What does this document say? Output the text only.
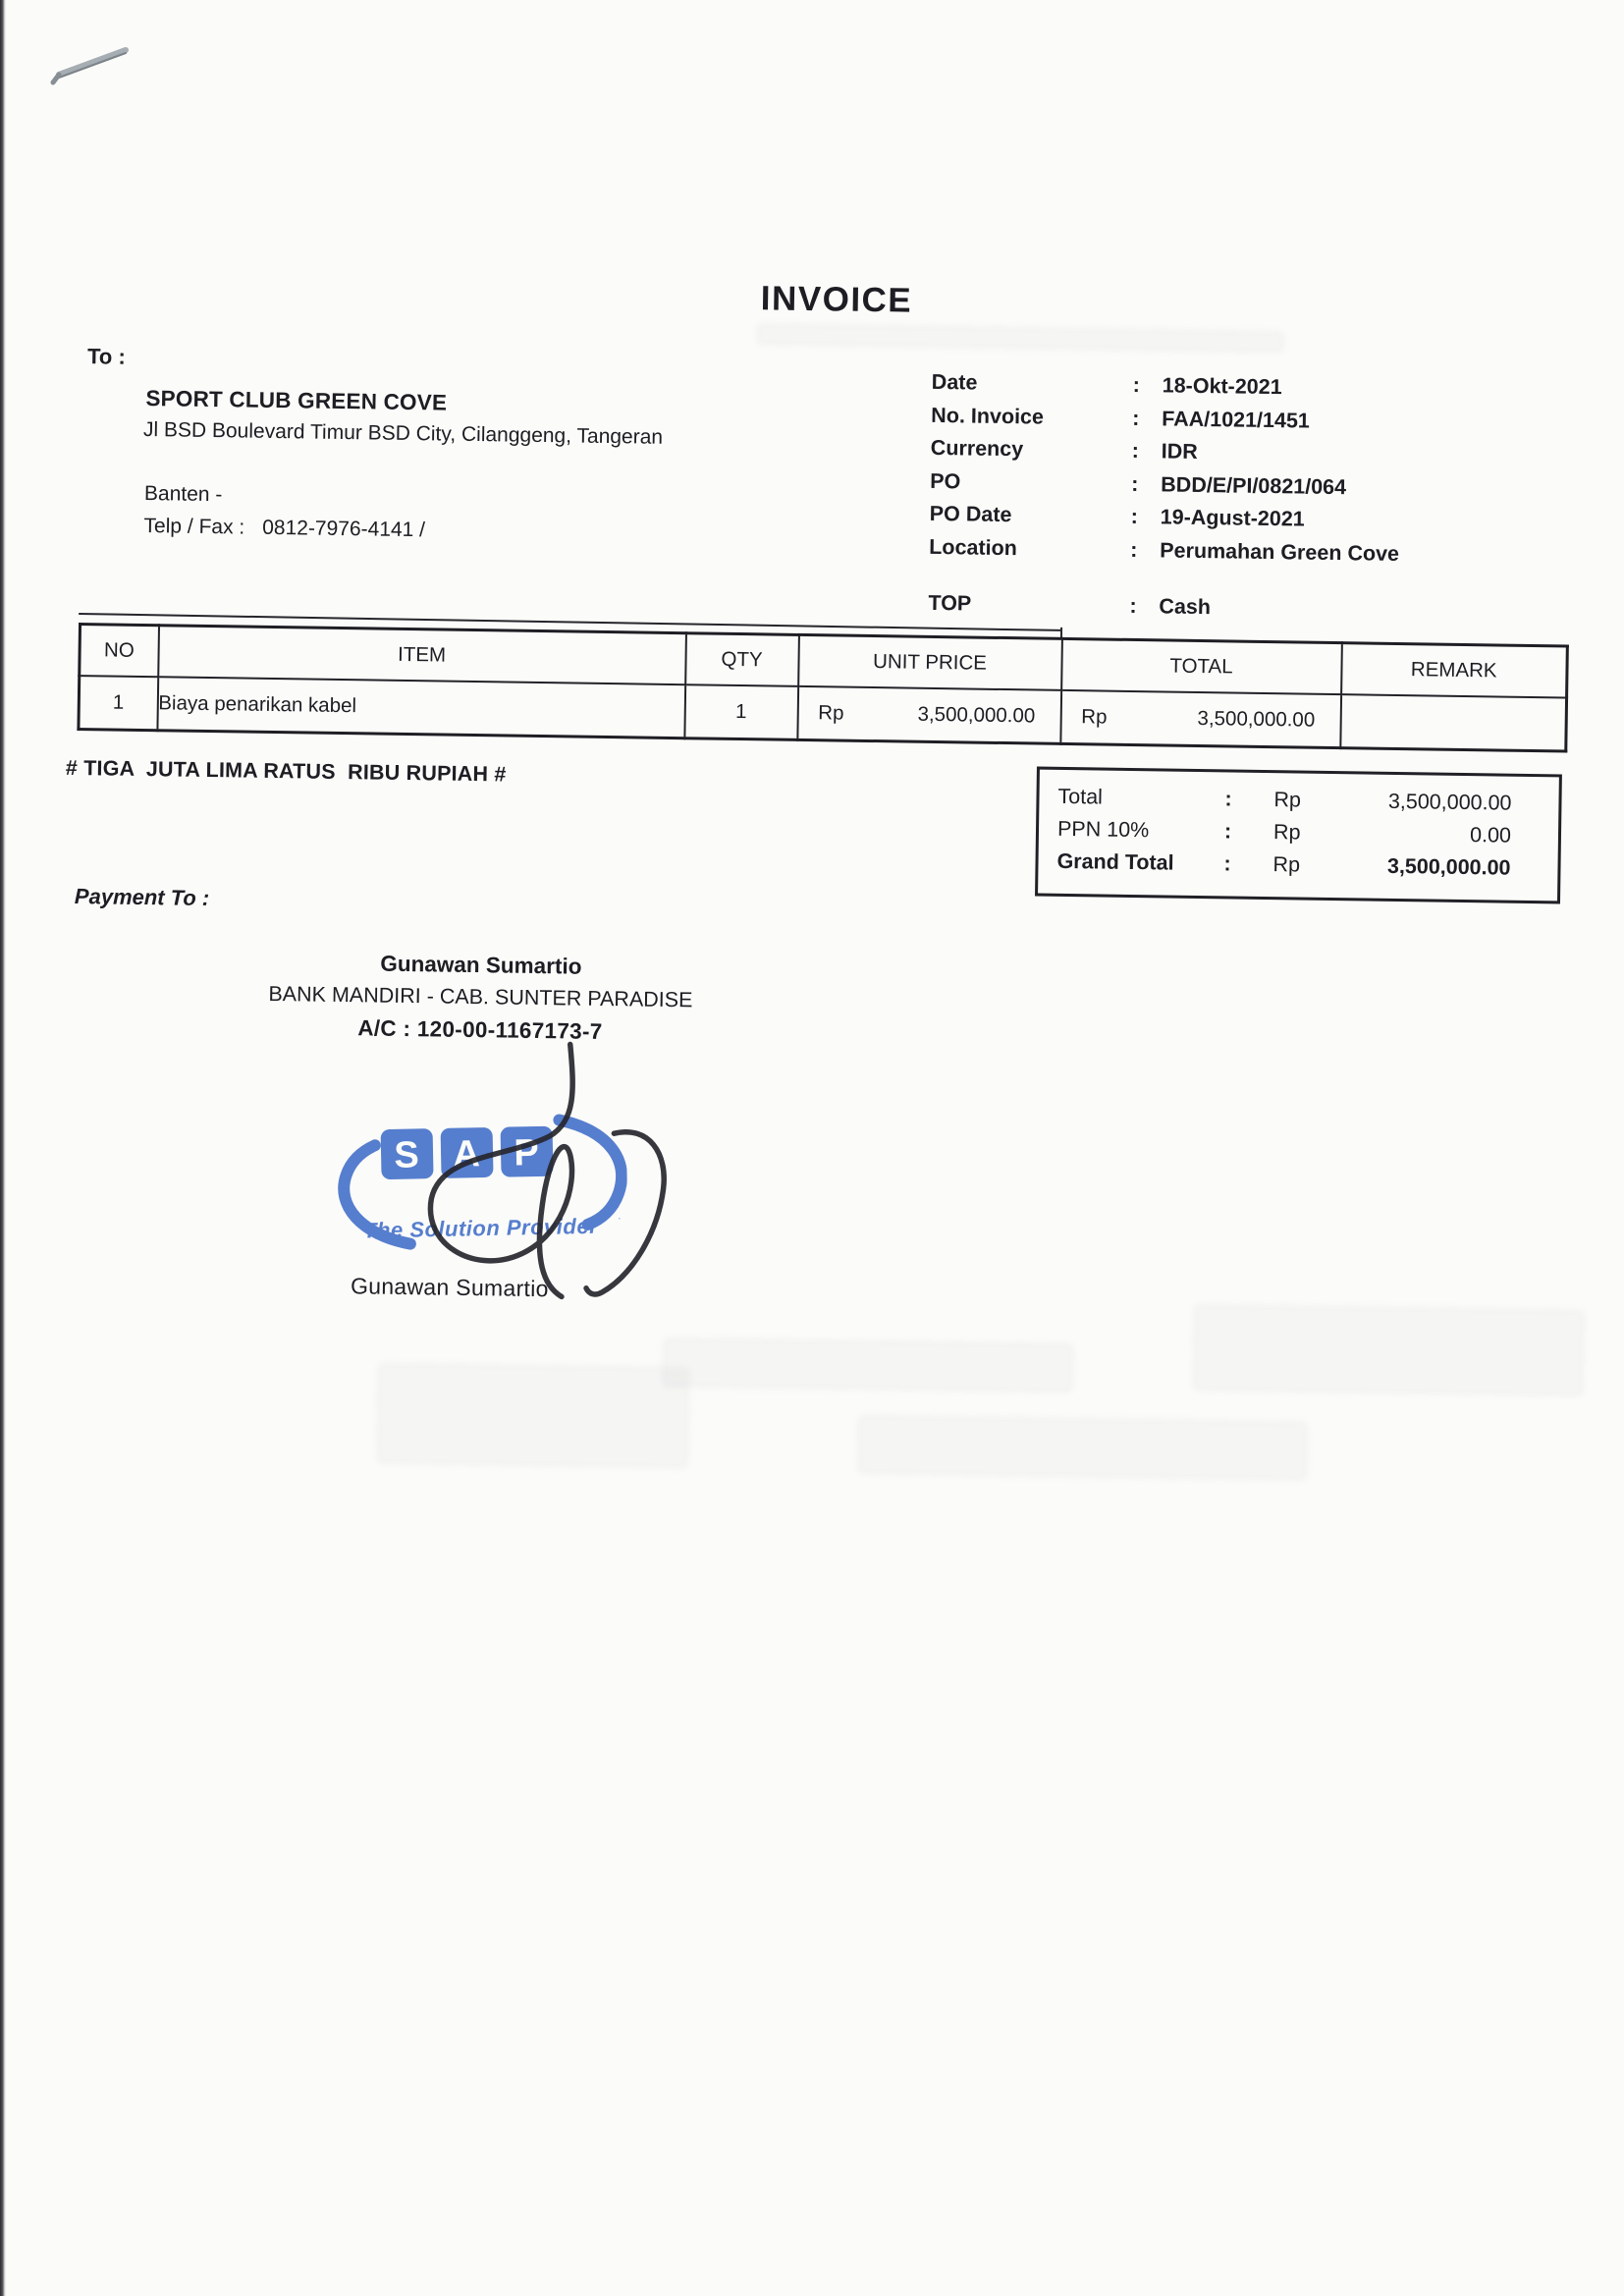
INVOICE
To :
SPORT CLUB GREEN COVE
Jl BSD Boulevard Timur BSD City, Cilanggeng, Tangeran
Banten -
Telp / Fax : 0812-7976-4141 /
Date	:	18-Okt-2021
No. Invoice	:	FAA/1021/1451
Currency	:	IDR
PO	:	BDD/E/PI/0821/064
PO Date	:	19-Agust-2021
Location	:	Perumahan Green Cove
TOP	:	Cash
NO	ITEM	QTY	UNIT PRICE	TOTAL	REMARK
1	Biaya penarikan kabel	1	Rp 3,500,000.00	Rp 3,500,000.00	

# TIGA  JUTA LIMA RATUS  RIBU RUPIAH #
Total	:	Rp	3,500,000.00
PPN 10%	:	Rp	0.00
Grand Total	:	Rp	3,500,000.00
Payment To :
Gunawan Sumartio
BANK MANDIRI - CAB. SUNTER PARADISE
A/C : 120-00-1167173-7
S A P
The Solution Provider .
Gunawan Sumartio
